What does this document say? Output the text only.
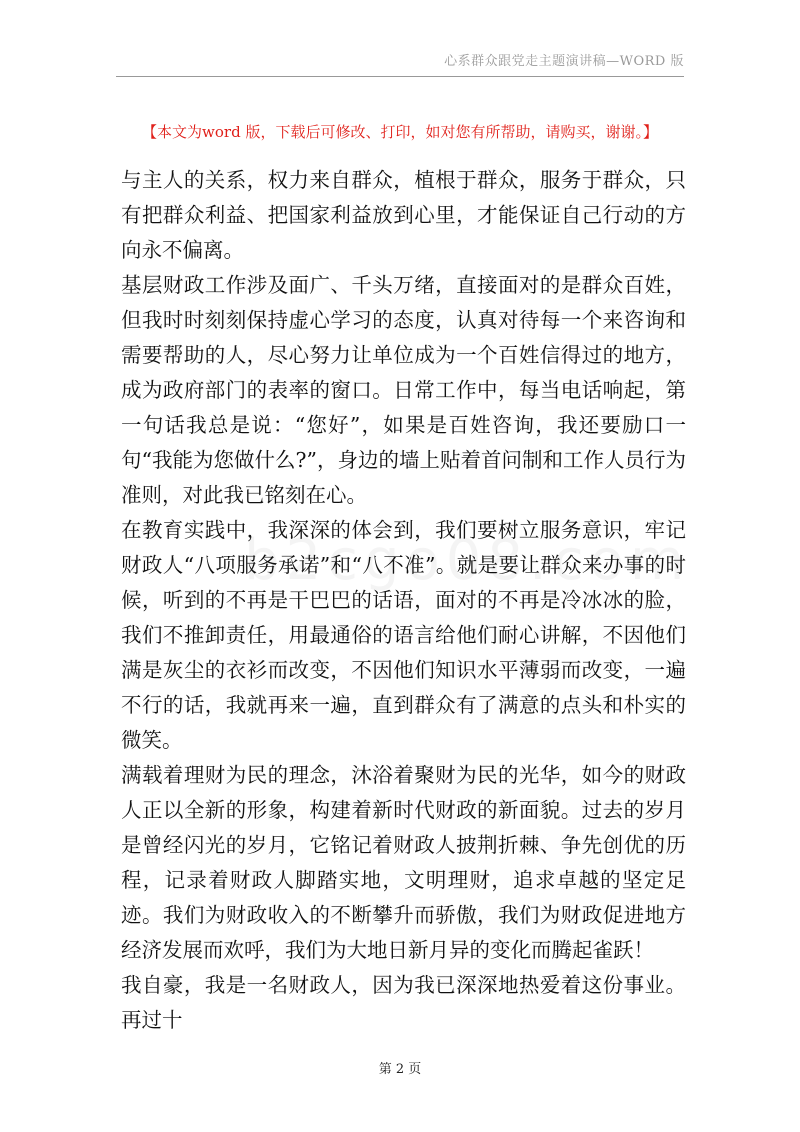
心系群众跟党走主题演讲稿—WORD 版
【本文为word 版，下载后可修改、打印，如对您有所帮助，请购买，谢谢。】

与主人的关系，权力来自群众，植根于群众，服务于群众，只有把群众利益、把国家利益放到心里，才能保证自己行动的方向永不偏离。

基层财政工作涉及面广、千头万绪，直接面对的是群众百姓，但我时时刻刻保持虚心学习的态度，认真对待每一个来咨询和需要帮助的人，尽心努力让单位成为一个百姓信得过的地方，成为政府部门的表率的窗口。日常工作中，每当电话响起，第一句话我总是说：“您好”，如果是百姓咨询，我还要励口一句“我能为您做什么?”，身边的墙上贴着首问制和工作人员行为准则，对此我已铭刻在心。

在教育实践中，我深深的体会到，我们要树立服务意识，牢记财政人“八项服务承诺”和“八不准”。就是要让群众来办事的时候，听到的不再是干巴巴的话语，面对的不再是冷冰冰的脸，我们不推卸责任，用最通俗的语言给他们耐心讲解，不因他们满是灰尘的衣衫而改变，不因他们知识水平薄弱而改变，一遍不行的话，我就再来一遍，直到群众有了满意的点头和朴实的微笑。

满载着理财为民的理念，沐浴着聚财为民的光华，如今的财政人正以全新的形象，构建着新时代财政的新面貌。过去的岁月是曾经闪光的岁月，它铭记着财政人披荆折棘、争先创优的历程，记录着财政人脚踏实地，文明理财，追求卓越的坚定足迹。我们为财政收入的不断攀升而骄傲，我们为财政促进地方经济发展而欢呼，我们为大地日新月异的变化而腾起雀跃！

我自豪，我是一名财政人，因为我已深深地热爱着这份事业。再过十

第 2 页
